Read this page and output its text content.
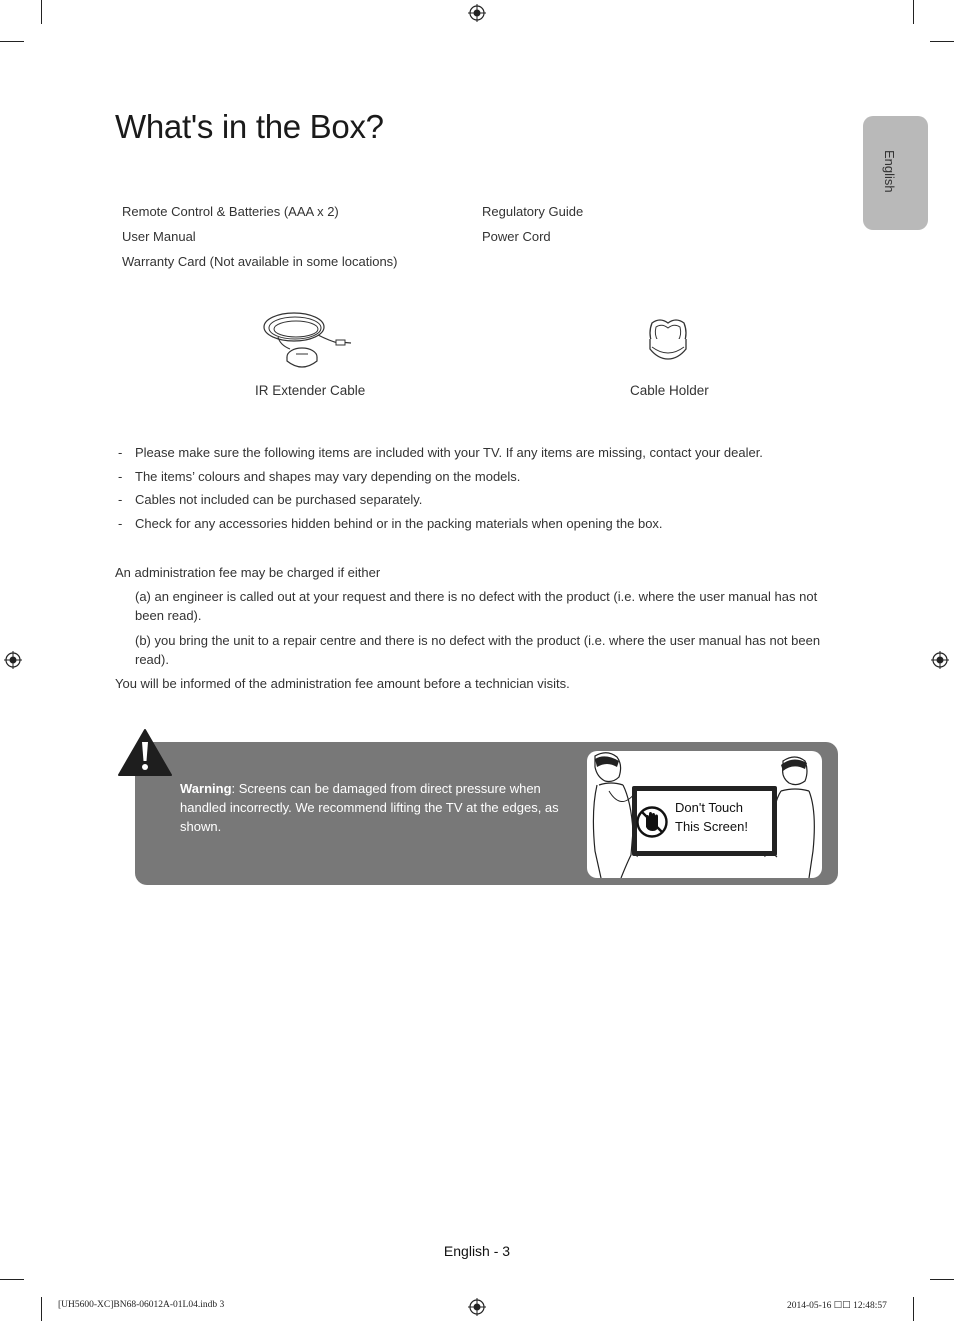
What's in the Box?
English
Remote Control & Batteries (AAA x 2)
User Manual
Warranty Card (Not available in some locations)
Regulatory Guide
Power Cord
IR Extender Cable	Cable Holder
- Please make sure the following items are included with your TV. If any items are missing, contact your dealer.
- The items’ colours and shapes may vary depending on the models.
- Cables not included can be purchased separately.
- Check for any accessories hidden behind or in the packing materials when opening the box.
An administration fee may be charged if either
(a) an engineer is called out at your request and there is no defect with the product (i.e. where the user manual has not been read).
(b) you bring the unit to a repair centre and there is no defect with the product (i.e. where the user manual has not been read).
You will be informed of the administration fee amount before a technician visits.
Warning: Screens can be damaged from direct pressure when handled incorrectly. We recommend lifting the TV at the edges, as shown.
Don't Touch
This Screen!
English - 3
[UH5600-XC]BN68-06012A-01L04.indb 3	2014-05-16 ☐☐ 12:48:57
